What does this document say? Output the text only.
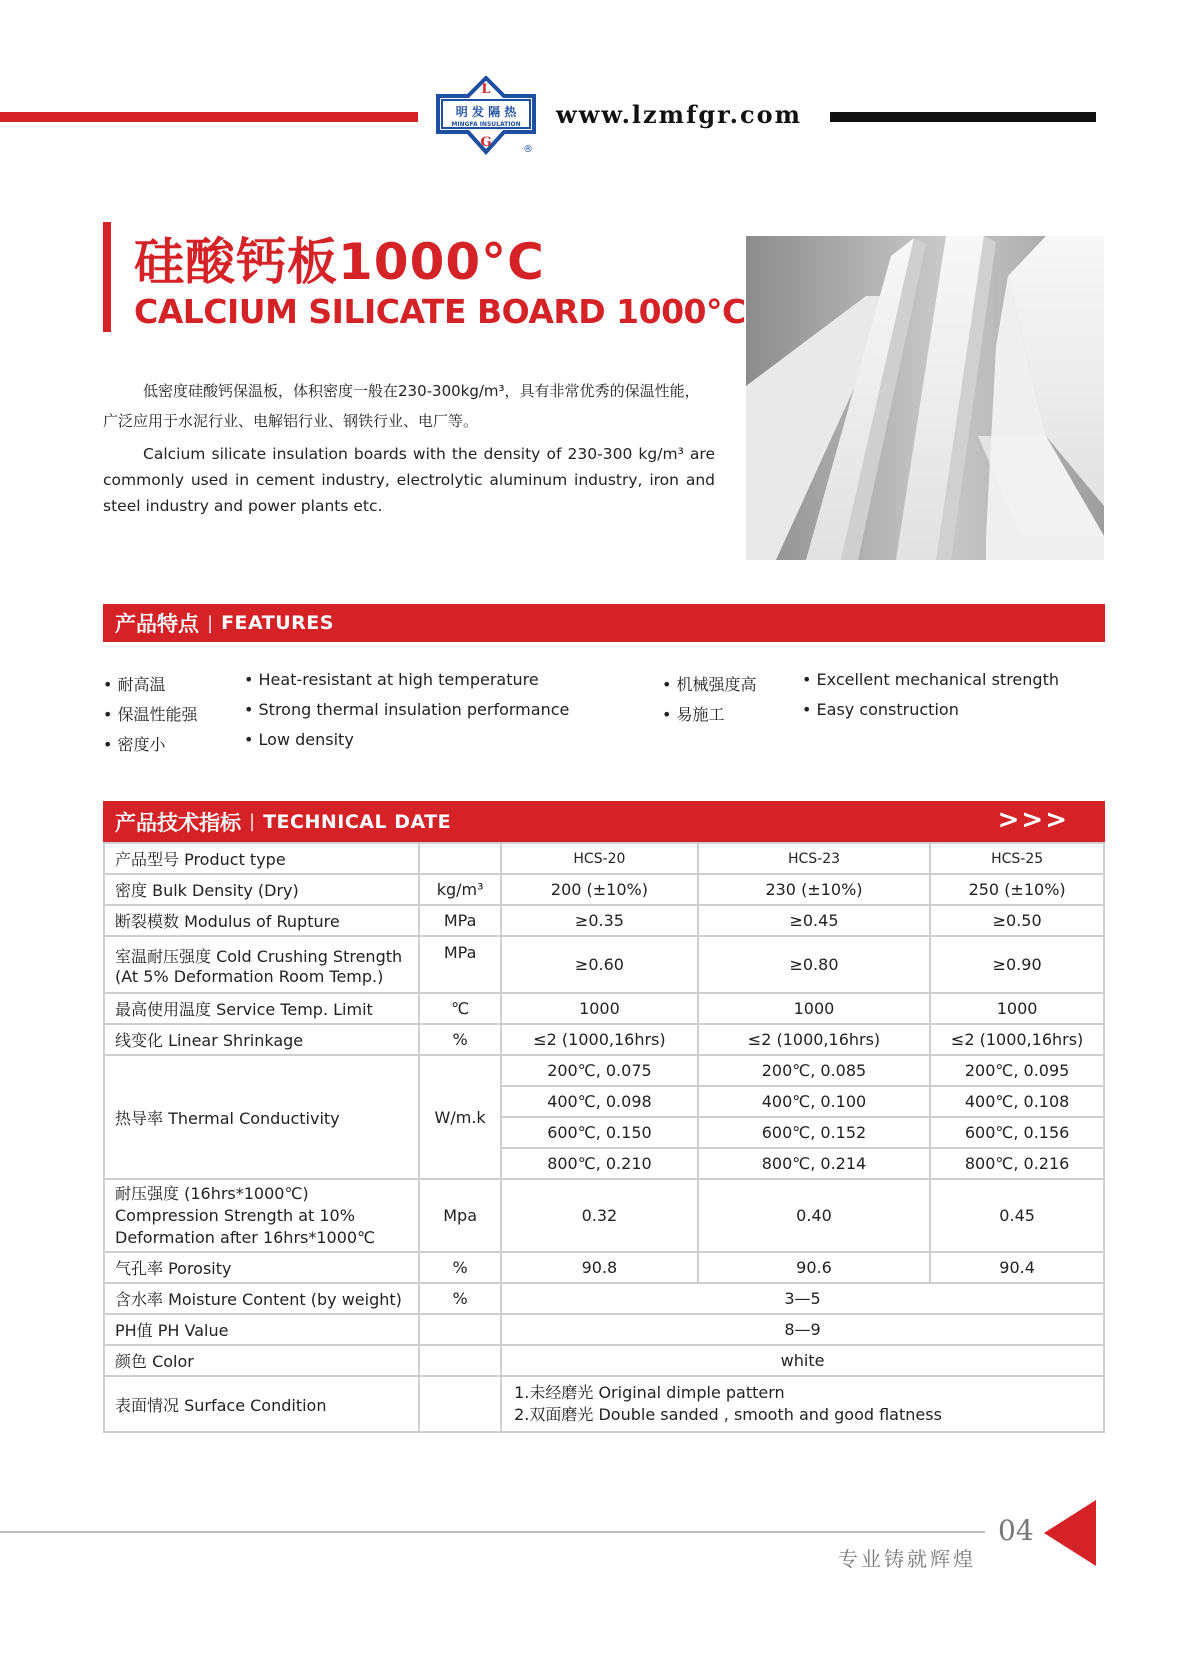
L
明 发 隔 热
MINGFA INSULATION
G	®
www.lzmfgr.com
硅酸钙板1000°C
CALCIUM SILICATE BOARD 1000°C
低密度硅酸钙保温板，体积密度一般在230-300kg/m³，具有非常优秀的保温性能，广泛应用于水泥行业、电解铝行业、钢铁行业、电厂等。
Calcium silicate insulation boards with the density of 230-300 kg/m³ are commonly used in cement industry, electrolytic aluminum industry, iron and steel industry and power plants etc.
产品特点 | FEATURES
• 耐高温	• Heat-resistant at high temperature
• 保温性能强	• Strong thermal insulation performance
• 密度小	• Low density
• 机械强度高	• Excellent mechanical strength
• 易施工	• Easy construction
产品技术指标 | TECHNICAL DATE	>>>
产品型号 Product type		HCS-20	HCS-23	HCS-25
密度 Bulk Density (Dry)	kg/m³	200 (±10%)	230 (±10%)	250 (±10%)
断裂模数 Modulus of Rupture	MPa	≥0.35	≥0.45	≥0.50

室温耐压强度 Cold Crushing Strength
(At 5% Deformation Room Temp.)	MPa	≥0.60	≥0.80	≥0.90
最高使用温度 Service Temp. Limit	℃	1000	1000	1000
线变化 Linear Shrinkage	%	≤2 (1000,16hrs)	≤2 (1000,16hrs)	≤2 (1000,16hrs)
热导率 Thermal Conductivity	W/m.k	200℃, 0.075	200℃, 0.085	200℃, 0.095
		400℃, 0.098	400℃, 0.100	400℃, 0.108
		600℃, 0.150	600℃, 0.152	600℃, 0.156
		800℃, 0.210	800℃, 0.214	800℃, 0.216

耐压强度 (16hrs*1000℃)
Compression Strength at 10%
Deformation after 16hrs*1000℃	Mpa	0.32	0.40	0.45
气孔率 Porosity	%	90.8	90.6	90.4
含水率 Moisture Content (by weight)	%	3—5		
PH值 PH Value		8—9		
颜色 Color		white		
表面情况 Surface Condition		1.未经磨光 Original dimple pattern
2.双面磨光 Double sanded , smooth and good flatness		
04
专业铸就辉煌
